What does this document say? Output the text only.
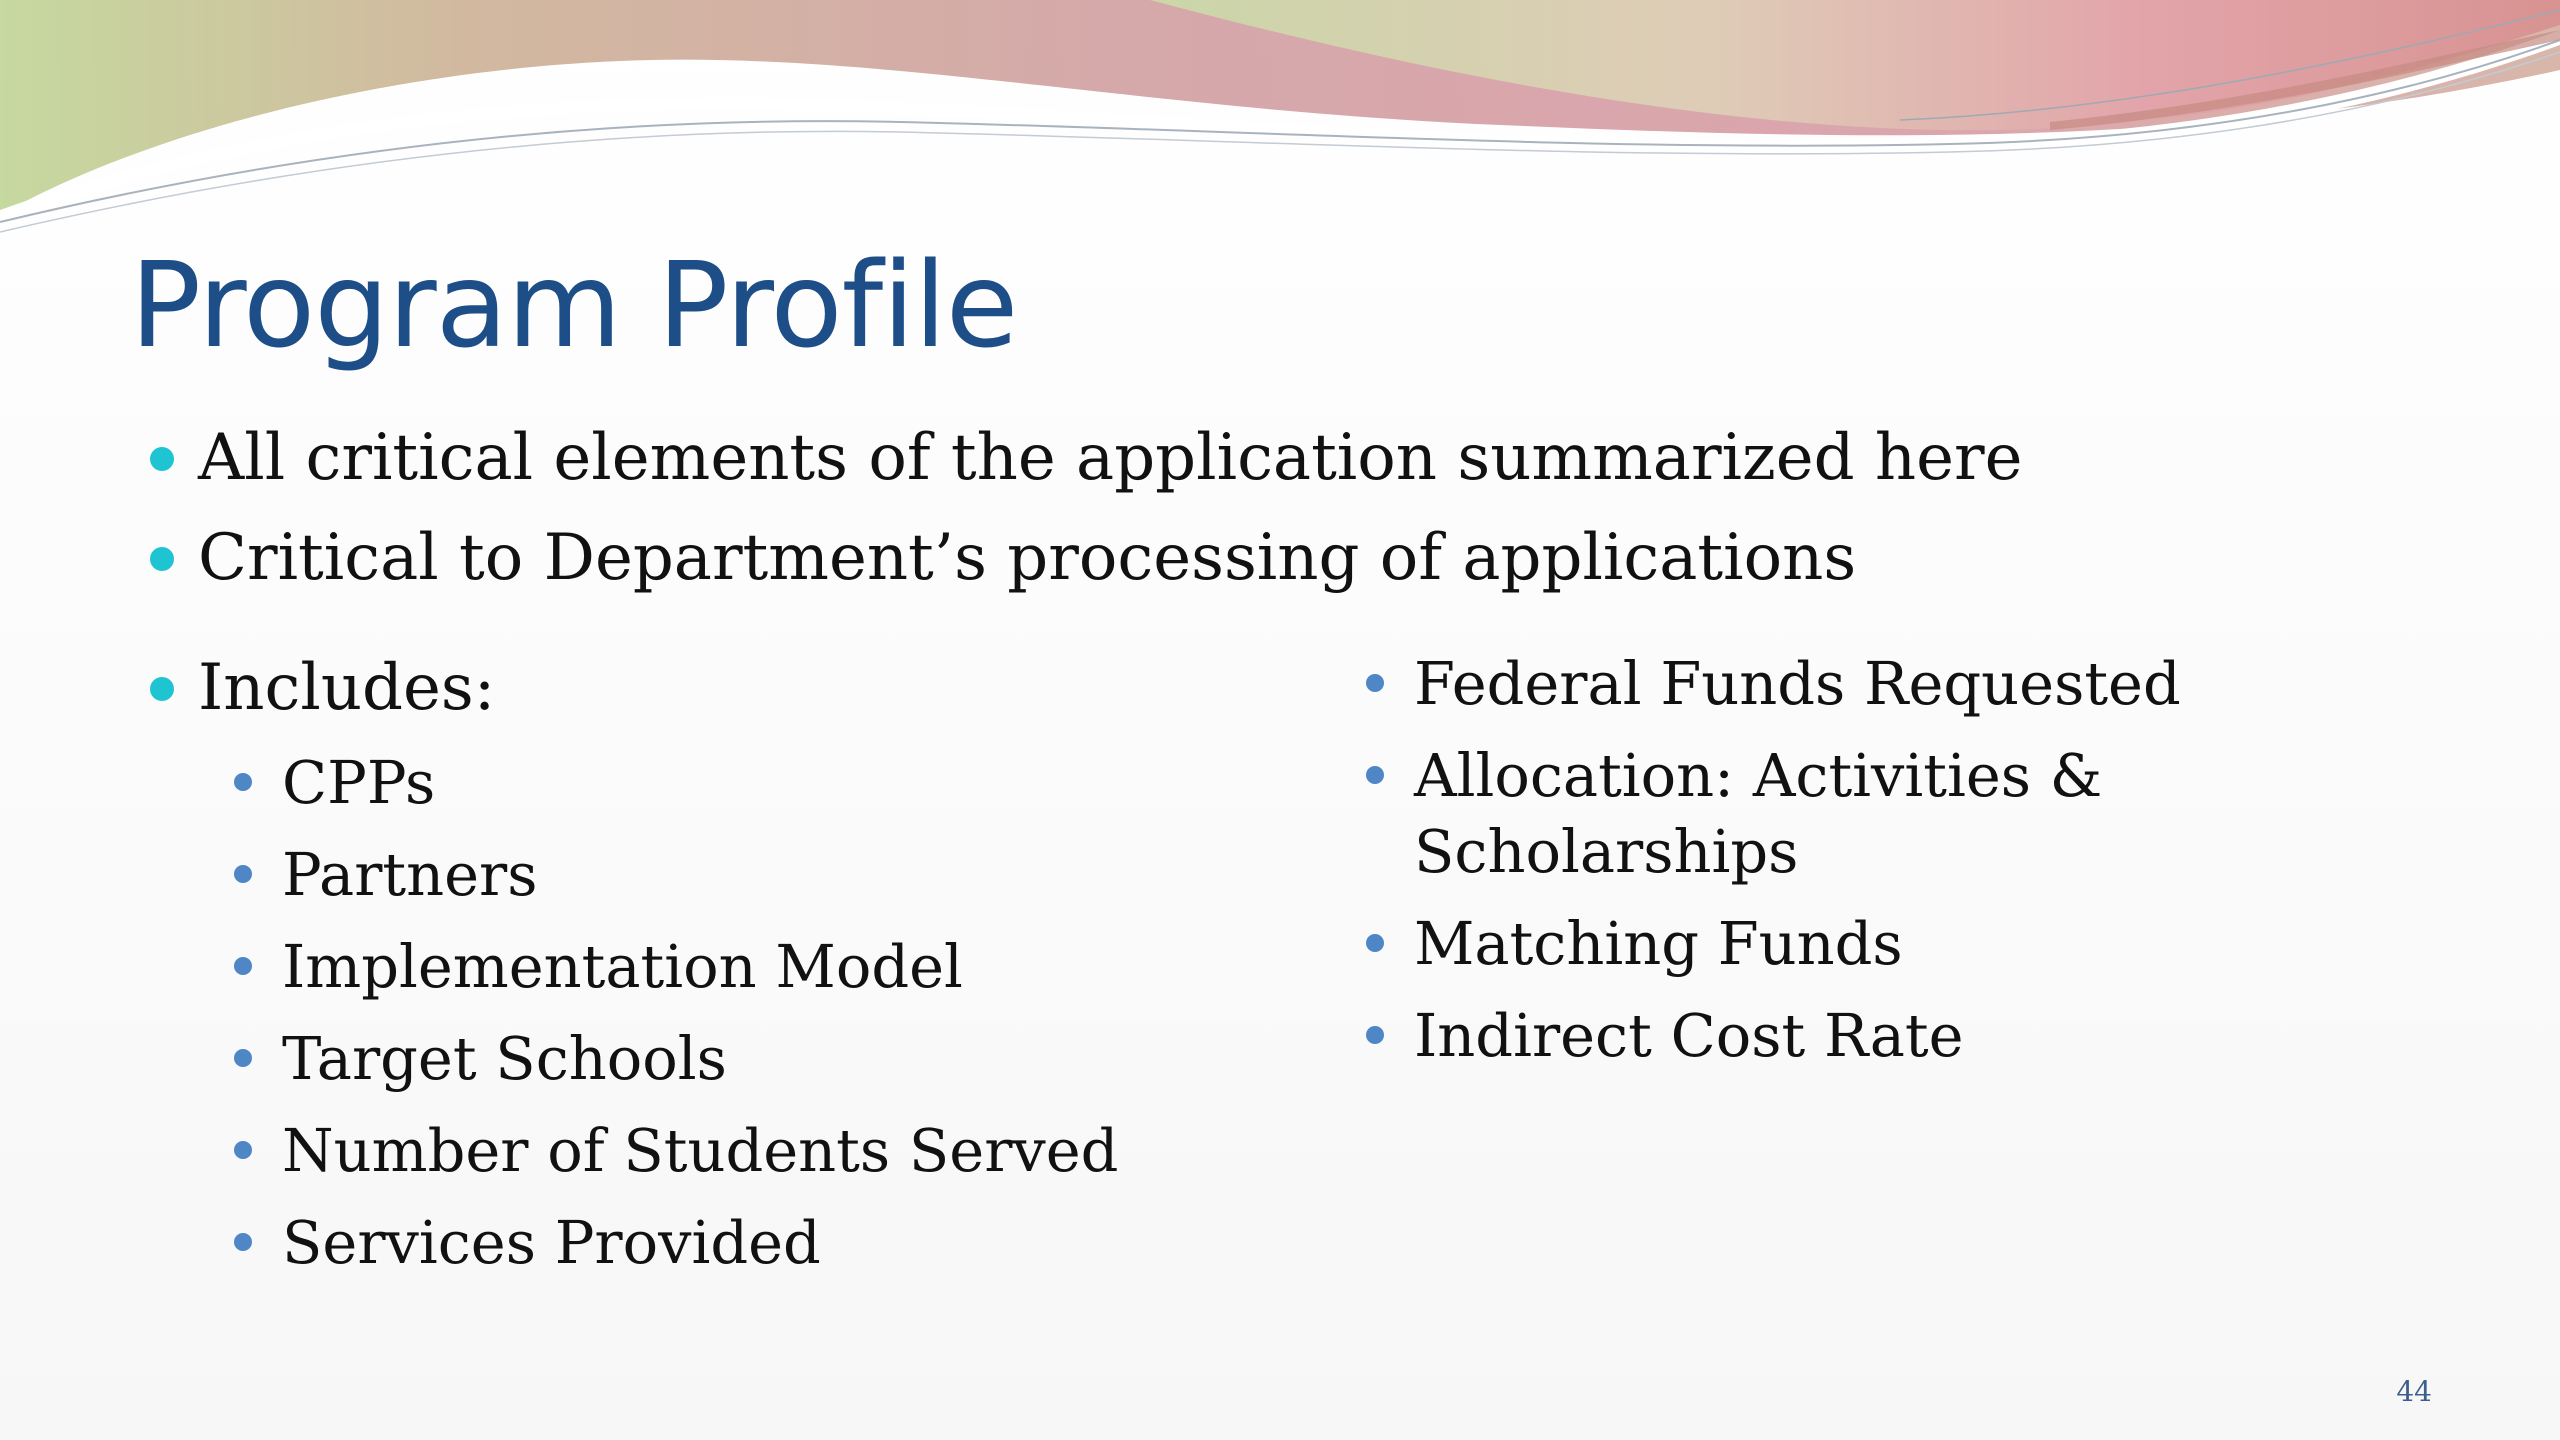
Program Profile
All critical elements of the application summarized here
Critical to Department’s processing of applications
Includes:
CPPs
Partners
Implementation Model
Target Schools
Number of Students Served
Services Provided
Federal Funds Requested
Allocation: Activities & Scholarships
Matching Funds
Indirect Cost Rate
44
